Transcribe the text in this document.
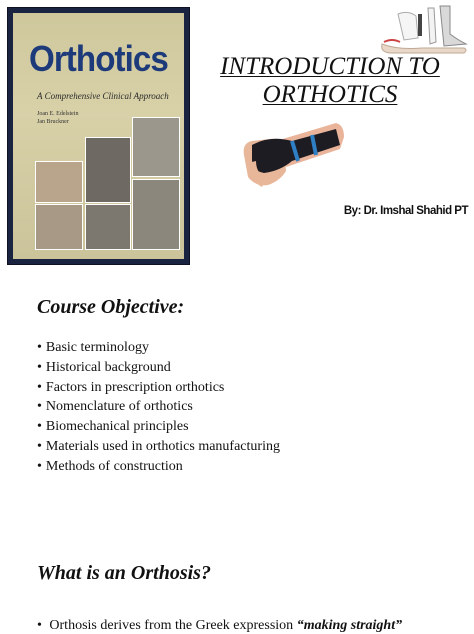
Orthotics
A Comprehensive Clinical Approach
Joan E. Edelstein
Jan Bruckner
INTRODUCTION TO ORTHOTICS
By: Dr. Imshal Shahid PT
Course Objective:
• Basic terminology
• Historical background
• Factors in prescription orthotics
• Nomenclature of orthotics
• Biomechanical principles
• Materials used in orthotics manufacturing
• Methods of construction
What is an Orthosis?
• Orthosis derives from the Greek expression “making straight”
